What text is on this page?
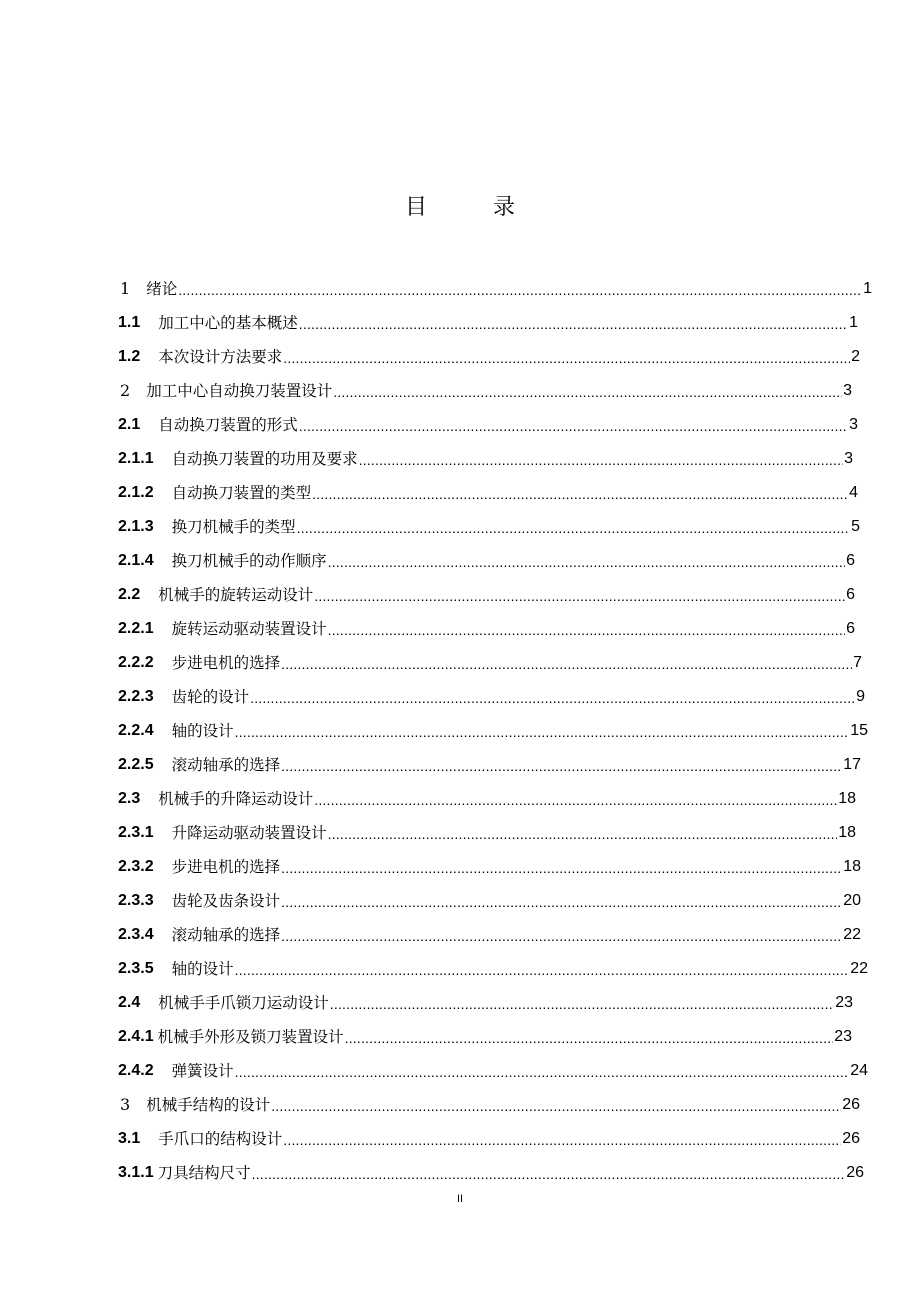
目　录
1 绪论 .....	1
1.1 加工中心的基本概述 .....	1
1.2 本次设计方法要求 .....	2
2 加工中心自动换刀装置设计 .....	3
2.1 自动换刀装置的形式 .....	3
2.1.1 自动换刀装置的功用及要求 .....	3
2.1.2 自动换刀装置的类型 .....	4
2.1.3 换刀机械手的类型 .....	5
2.1.4 换刀机械手的动作顺序 .....	6
2.2 机械手的旋转运动设计 .....	6
2.2.1 旋转运动驱动装置设计 .....	6
2.2.2 步进电机的选择 .....	7
2.2.3 齿轮的设计 .....	9
2.2.4 轴的设计 .....	15
2.2.5 滚动轴承的选择 .....	17
2.3 机械手的升降运动设计 .....	18
2.3.1 升降运动驱动装置设计 .....	18
2.3.2 步进电机的选择 .....	18
2.3.3 齿轮及齿条设计 .....	20
2.3.4 滚动轴承的选择 .....	22
2.3.5 轴的设计 .....	22
2.4 机械手手爪锁刀运动设计 .....	23
2.4.1 机械手外形及锁刀装置设计 .....	23
2.4.2 弹簧设计 .....	24
3 机械手结构的设计 .....	26
3.1 手爪口的结构设计 .....	26
3.1.1 刀具结构尺寸 .....	26
II
